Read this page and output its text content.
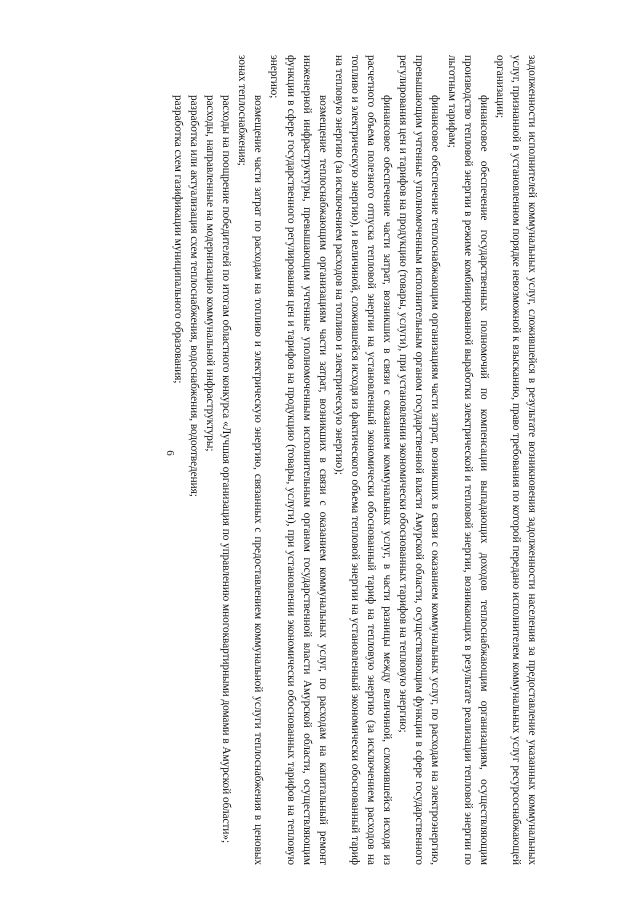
6	задолженности исполнителей коммунальных услуг, сложившейся в результате возникновения задолженности населения за предоставление указанных коммунальных услуг, признанной в установленном порядке невозможной к взысканию, право требования по которой передано исполнителем коммунальных услуг ресурсоснабжающей организации;

финансовое обеспечение государственных полномочий по компенсации выпадающих доходов теплоснабжающим организациям, осуществляющим производство тепловой энергии в режиме комбинированной выработки электрической и тепловой энергии, возникающих в результате реализации тепловой энергии по льготным тарифам;

финансовое обеспечение теплоснабжающим организациям части затрат, возникших в связи с оказанием коммунальных услуг, по расходам на электроэнергию, превышающим учтенные уполномоченным исполнительным органом государственной власти Амурской области, осуществляющим функции в сфере государственного регулирования цен и тарифов на продукцию (товары, услуги), при установлении экономически обоснованных тарифов на тепловую энергию;

финансовое обеспечение части затрат, возникших в связи с оказанием коммунальных услуг, в части разницы между величиной, сложившейся исходя из расчетного объема полезного отпуска тепловой энергии на установленный экономически обоснованный тариф на тепловую энергию (за исключением расходов на топливо и электрическую энергию), и величиной, сложившейся исходя из фактического объема тепловой энергии на установленный экономически обоснованный тариф на тепловую энергию (за исключением расходов на топливо и электрическую энергию);

возмещение теплоснабжающим организациям части затрат, возникших в связи с оказанием коммунальных услуг, по расходам на капитальный ремонт инженерной инфраструктуры, превышающим учтенные уполномоченным исполнительным органом государственной власти Амурской области, осуществляющим функции в сфере государственного регулирования цен и тарифов на продукцию (товары, услуги), при установлении экономически обоснованных тарифов на тепловую энергию;

возмещение части затрат по расходам на топливо и электрическую энергию, связанных с предоставлением коммунальной услуги теплоснабжения в ценовых зонах теплоснабжения;

расходы на поощрение победителей по итогам областного конкурса «Лучшая организация по управлению многоквартирными домами в Амурской области»;

расходы, направленные на модернизацию коммунальной инфраструктуры;

разработка или актуализация схем теплоснабжения, водоснабжения, водоотведения;

разработка схем газификации муниципального образования;
